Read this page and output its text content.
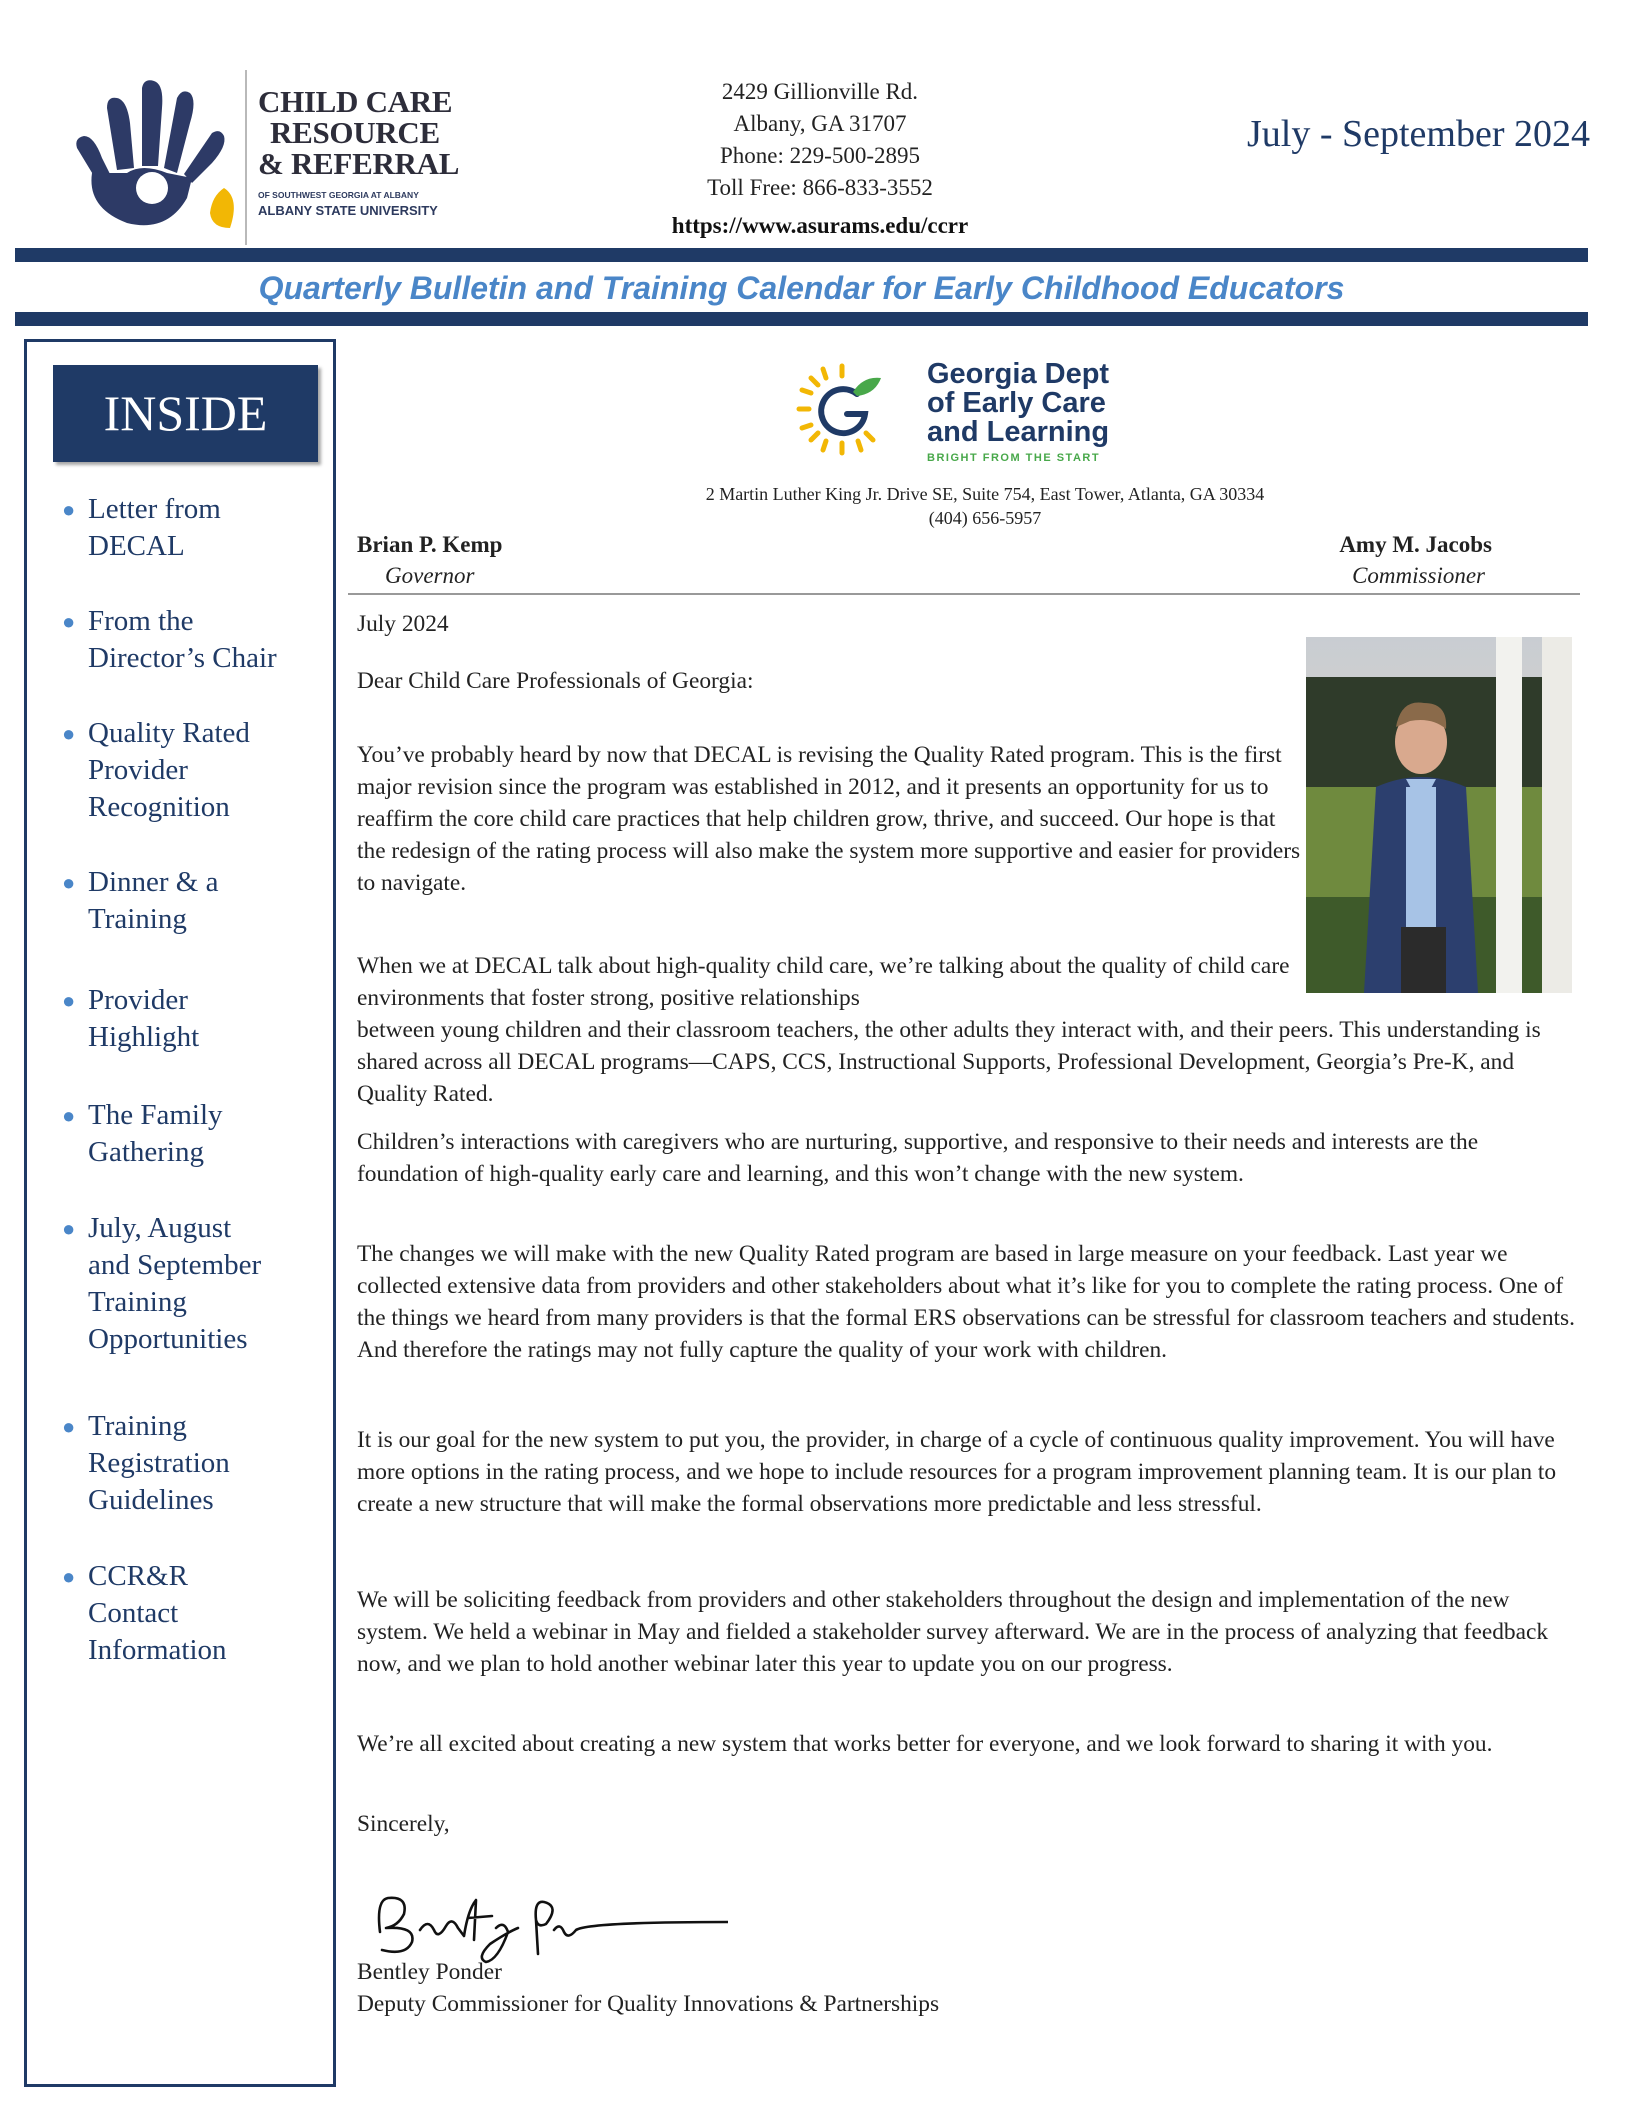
CHILD CARE
RESOURCE
& REFERRAL
OF SOUTHWEST GEORGIA AT ALBANY
ALBANY STATE UNIVERSITY
2429 Gillionville Rd.
Albany, GA 31707
Phone: 229-500-2895
Toll Free: 866-833-3552
https://www.asurams.edu/ccrr
July - September 2024
Quarterly Bulletin and Training Calendar for Early Childhood Educators
INSIDE
● Letter from
DECAL
● From the
Director’s Chair
● Quality Rated
Provider
Recognition
● Dinner & a
Training
● Provider
Highlight
● The Family
Gathering
● July, August
and September
Training
Opportunities
● Training
Registration
Guidelines
● CCR&R
Contact
Information
Georgia Dept
of Early Care
and Learning
BRIGHT FROM THE START
2 Martin Luther King Jr. Drive SE, Suite 754, East Tower, Atlanta, GA 30334
(404) 656-5957
Brian P. Kemp
Governor
Amy M. Jacobs
Commissioner
July 2024
Dear Child Care Professionals of Georgia:
You’ve probably heard by now that DECAL is revising the Quality Rated program. This is the first major revision since the program was established in 2012, and it presents an opportunity for us to reaffirm the core child care practices that help children grow, thrive, and succeed. Our hope is that the redesign of the rating process will also make the system more supportive and easier for providers to navigate.
When we at DECAL talk about high-quality child care, we’re talking about the quality of child care environments that foster strong, positive relationships
between young children and their classroom teachers, the other adults they interact with, and their peers. This understanding is shared across all DECAL programs—CAPS, CCS, Instructional Supports, Professional Development, Georgia’s Pre-K, and Quality Rated.
Children’s interactions with caregivers who are nurturing, supportive, and responsive to their needs and interests are the foundation of high-quality early care and learning, and this won’t change with the new system.
The changes we will make with the new Quality Rated program are based in large measure on your feedback. Last year we collected extensive data from providers and other stakeholders about what it’s like for you to complete the rating process. One of the things we heard from many providers is that the formal ERS observations can be stressful for classroom teachers and students. And therefore the ratings may not fully capture the quality of your work with children.
It is our goal for the new system to put you, the provider, in charge of a cycle of continuous quality improvement. You will have more options in the rating process, and we hope to include resources for a program improvement planning team. It is our plan to create a new structure that will make the formal observations more predictable and less stressful.
We will be soliciting feedback from providers and other stakeholders throughout the design and implementation of the new system. We held a webinar in May and fielded a stakeholder survey afterward. We are in the process of analyzing that feedback now, and we plan to hold another webinar later this year to update you on our progress.
We’re all excited about creating a new system that works better for everyone, and we look forward to sharing it with you.
Sincerely,
Bentley Ponder
Deputy Commissioner for Quality Innovations & Partnerships
